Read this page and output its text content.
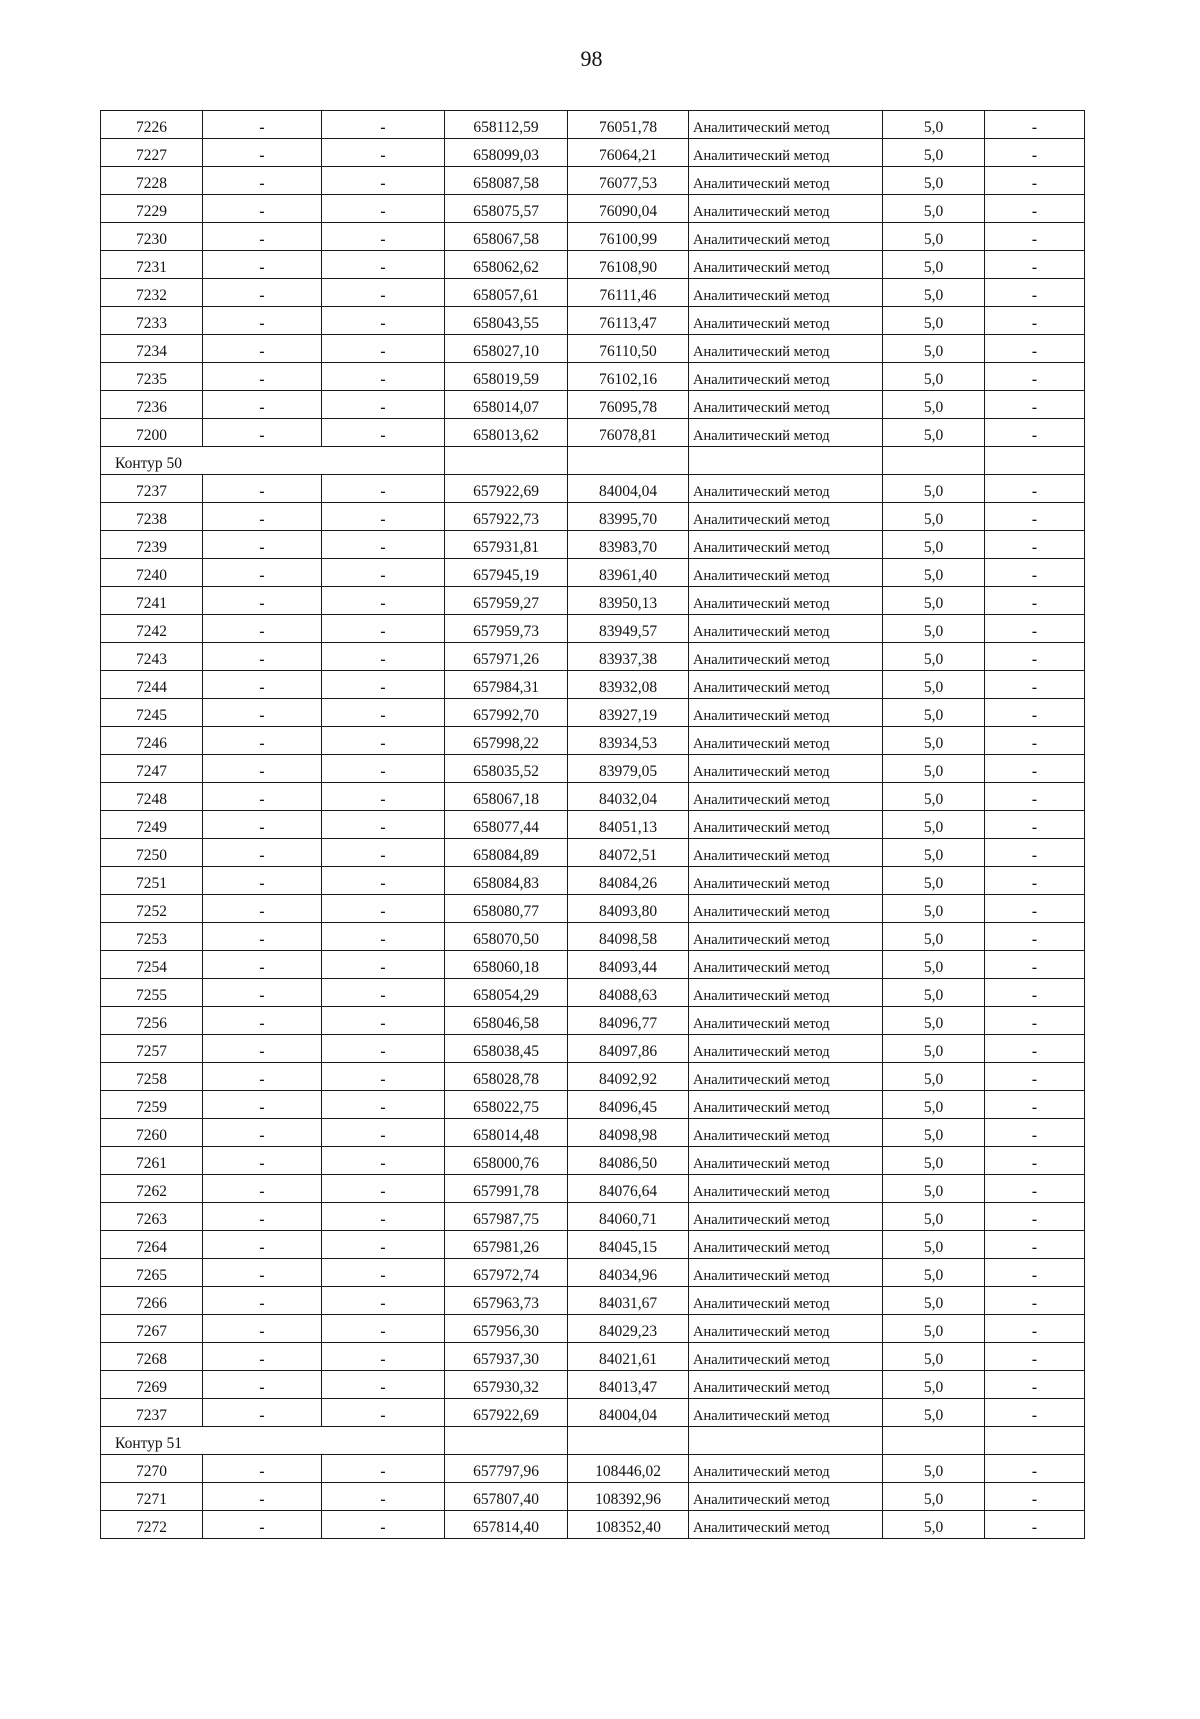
98
7226	-	-	658112,59	76051,78	Аналитический метод	5,0	-
7227	-	-	658099,03	76064,21	Аналитический метод	5,0	-
7228	-	-	658087,58	76077,53	Аналитический метод	5,0	-
7229	-	-	658075,57	76090,04	Аналитический метод	5,0	-
7230	-	-	658067,58	76100,99	Аналитический метод	5,0	-
7231	-	-	658062,62	76108,90	Аналитический метод	5,0	-
7232	-	-	658057,61	76111,46	Аналитический метод	5,0	-
7233	-	-	658043,55	76113,47	Аналитический метод	5,0	-
7234	-	-	658027,10	76110,50	Аналитический метод	5,0	-
7235	-	-	658019,59	76102,16	Аналитический метод	5,0	-
7236	-	-	658014,07	76095,78	Аналитический метод	5,0	-
7200	-	-	658013,62	76078,81	Аналитический метод	5,0	-
Контур 50							
7237	-	-	657922,69	84004,04	Аналитический метод	5,0	-
7238	-	-	657922,73	83995,70	Аналитический метод	5,0	-
7239	-	-	657931,81	83983,70	Аналитический метод	5,0	-
7240	-	-	657945,19	83961,40	Аналитический метод	5,0	-
7241	-	-	657959,27	83950,13	Аналитический метод	5,0	-
7242	-	-	657959,73	83949,57	Аналитический метод	5,0	-
7243	-	-	657971,26	83937,38	Аналитический метод	5,0	-
7244	-	-	657984,31	83932,08	Аналитический метод	5,0	-
7245	-	-	657992,70	83927,19	Аналитический метод	5,0	-
7246	-	-	657998,22	83934,53	Аналитический метод	5,0	-
7247	-	-	658035,52	83979,05	Аналитический метод	5,0	-
7248	-	-	658067,18	84032,04	Аналитический метод	5,0	-
7249	-	-	658077,44	84051,13	Аналитический метод	5,0	-
7250	-	-	658084,89	84072,51	Аналитический метод	5,0	-
7251	-	-	658084,83	84084,26	Аналитический метод	5,0	-
7252	-	-	658080,77	84093,80	Аналитический метод	5,0	-
7253	-	-	658070,50	84098,58	Аналитический метод	5,0	-
7254	-	-	658060,18	84093,44	Аналитический метод	5,0	-
7255	-	-	658054,29	84088,63	Аналитический метод	5,0	-
7256	-	-	658046,58	84096,77	Аналитический метод	5,0	-
7257	-	-	658038,45	84097,86	Аналитический метод	5,0	-
7258	-	-	658028,78	84092,92	Аналитический метод	5,0	-
7259	-	-	658022,75	84096,45	Аналитический метод	5,0	-
7260	-	-	658014,48	84098,98	Аналитический метод	5,0	-
7261	-	-	658000,76	84086,50	Аналитический метод	5,0	-
7262	-	-	657991,78	84076,64	Аналитический метод	5,0	-
7263	-	-	657987,75	84060,71	Аналитический метод	5,0	-
7264	-	-	657981,26	84045,15	Аналитический метод	5,0	-
7265	-	-	657972,74	84034,96	Аналитический метод	5,0	-
7266	-	-	657963,73	84031,67	Аналитический метод	5,0	-
7267	-	-	657956,30	84029,23	Аналитический метод	5,0	-
7268	-	-	657937,30	84021,61	Аналитический метод	5,0	-
7269	-	-	657930,32	84013,47	Аналитический метод	5,0	-
7237	-	-	657922,69	84004,04	Аналитический метод	5,0	-
Контур 51							
7270	-	-	657797,96	108446,02	Аналитический метод	5,0	-
7271	-	-	657807,40	108392,96	Аналитический метод	5,0	-
7272	-	-	657814,40	108352,40	Аналитический метод	5,0	-
